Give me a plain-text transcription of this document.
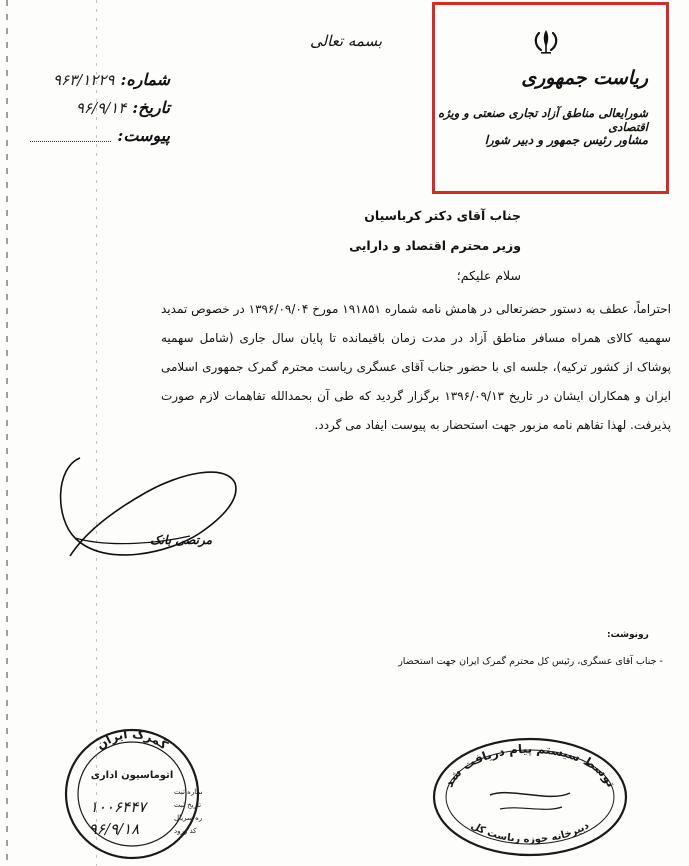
بسمه تعالی
شماره:
۹۶۳/۱۲۲۹
تاریخ:
۹۶/۹/۱۴
پیوست:
ریاست جمهوری
شورایعالی مناطق آزاد تجاری صنعتی و ویژه اقتصادی
مشاور رئیس جمهور و دبیر شورا
جناب آقای دکتر کرباسیان
وزیر محترم اقتصاد و دارایی
سلام علیکم؛
احتراماً، عطف به دستور حضرتعالی در هامش نامه شماره ۱۹۱۸۵۱ مورخ ۱۳۹۶/۰۹/۰۴ در خصوص تمدید سهمیه کالای همراه مسافر مناطق آزاد در مدت زمان باقیمانده تا پایان سال جاری (شامل سهمیه پوشاک از کشور ترکیه)، جلسه ای با حضور جناب آقای عسگری ریاست محترم گمرک جمهوری اسلامی ایران و همکاران ایشان در تاریخ ۱۳۹۶/۰۹/۱۳ برگزار گردید که طی آن بحمدالله تفاهمات لازم صورت پذیرفت. لهذا تفاهم نامه مزبور جهت استحضار به پیوست ایفاد می گردد.
مرتضی بانک
رونوشت:
- جناب آقای عسگری، رئیس کل محترم گمرک ایران جهت استحضار
گمرک ایران
اتوماسیون اداری
ماره ثبت
تاریخ ثبت
ره سریال
کد ورود
۱۰۰۶۴۴۷
۹۶/۹/۱۸
توسط سیستم پیام دریافت شد
دبیرخانه حوزه ریاست کل
